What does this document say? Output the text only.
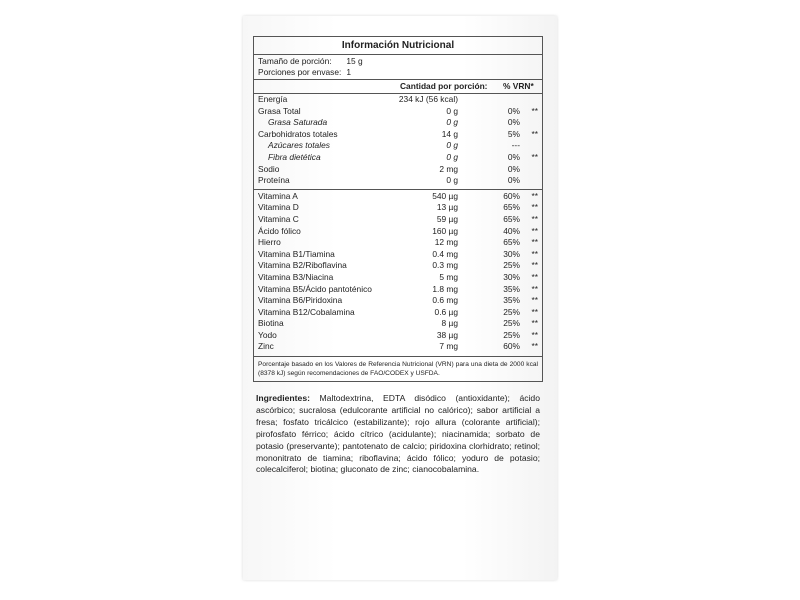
Información Nutricional
Tamaño de porción: 15 g
Porciones por envase: 1
Cantidad por porción: % VRN*
Energía	234 kJ (56 kcal)
Grasa Total	0 g	0% **
Grasa Saturada	0 g	0%
Carbohidratos totales	14 g	5% **
Azúcares totales	0 g	---
Fibra dietética	0 g	0% **
Sodio	2 mg	0%
Proteína	0 g	0%
Vitamina A	540 µg	60% **
Vitamina D	13 µg	65% **
Vitamina C	59 µg	65% **
Ácido fólico	160 µg	40% **
Hierro	12 mg	65% **
Vitamina B1/Tiamina	0.4 mg	30% **
Vitamina B2/Riboflavina	0.3 mg	25% **
Vitamina B3/Niacina	5 mg	30% **
Vitamina B5/Ácido pantoténico	1.8 mg	35% **
Vitamina B6/Piridoxina	0.6 mg	35% **
Vitamina B12/Cobalamina	0.6 µg	25% **
Biotina	8 µg	25% **
Yodo	38 µg	25% **
Zinc	7 mg	60% **
Porcentaje basado en los Valores de Referencia Nutricional (VRN) para una dieta de 2000 kcal (8378 kJ) según recomendaciones de FAO/CODEX y USFDA.
Ingredientes: Maltodextrina, EDTA disódico (antioxidante); ácido ascórbico; sucralosa (edulcorante artificial no calórico); sabor artificial a fresa; fosfato tricálcico (estabilizante); rojo allura (colorante artificial); pirofosfato férrico; ácido cítrico (acidulante); niacinamida; sorbato de potasio (preservante); pantotenato de calcio; piridoxina clorhidrato; retinol; mononitrato de tiamina; riboflavina; ácido fólico; yoduro de potasio; colecalciferol; biotina; gluconato de zinc; cianocobalamina.
